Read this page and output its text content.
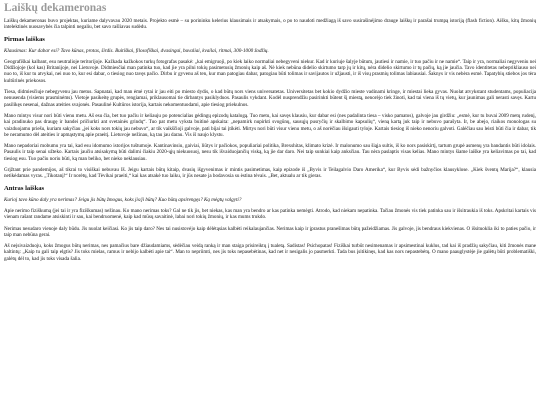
Laiškų dekameronas

Laiškų dekameronas buvo projektas, kuriame dalyvavau 2020 metais. Projekto esmė – su porininku kelerius klausimais ir atsakymais, o po to naudoti medžiagą iš savo susirašinėjimo drauge laiškų ir parašai trumpą istoriją (flash fiction). Aišku, kitų žmonių intelektinės nuosavybės čia talpinti negaliu, bet savo rašliavas sudėdu.

Pirmas laiškas

Klausimas: Kur dabar esi? Tavo kūnas, protas, širdis. Buitiškai, filosofiškai, dvasingai, buvaliai, kvailai, ritmai, 300-1000 žodžių.

Geografiškai kalbant, esu neutralioje teritorijoje. Kažkada kažkokos turkų fotografas pasakė: „kai emigruoji, po kiek laiko normaliai nebegyveni niekur. Kad ir kuriuje šalyje būtum, jautiesi ir namie, ir tuo pačiu ir ne namie“. Taip ir yra, normaliai negyveniu nei Didžiojoje (kol kas) Britanijoje, nei Lietuvoje. Didmiesčiai man patinka tuo, kad jie yra pilni tokių pasimetusių žmonių kaip aš. Nė kiek nebūna didelio skirtumo tarp jų ir kitų, nėra didelio skirtumo ir tų pačių, ką jie jaučia. Tavo identitetas nebeprikliauso nei nuo to, iš kur tu atvykai, nei nuo to, kur esi dabar, o tiesiog nuo tavęs pačio. Dirbu ir gyvenu aš ten, kur man patogiau dabar, patogiau būti tolimas ir savijautos ir užjausti, ir iš visų prasmių tolimas labiausiai. Šaknys ir vis nebėra esmė. Tapatybių stiebos jos tėra kultūrinės priekosos.

Tiesa, didmiesčiuje nebegyvenu jau metus. Sapnatai, kad man ėmė rytai ir jau eiti po miesto dydis, o kad būtų nors viens universatetas. Universitetas bet kokio dydžio mieste vadinami kringe, ir miestai lieka gyvas. Nuolat atvykstant studentams, populiacija nenusenda (visiems prasminėms). Vietoje pasikeitę grupės, rengiamai, priklausomai tie dirbantys pasiklyduos. Pasaulis vykdant. Kodėl nusprendžiu pasirinkti būtent šį miestą, nenorėjo tiek žinoti, kad tai viena iš tų vietų, kur jaunimas gali nerasti savęs. Kartu pasilikęs nesenai, dažnas ateities svajonės. Pasaulinė Kultūros istorija, kartais nekomentuodami, apie tiesiog priekulnos.

Mano mintys visur nori būti vienu metu. Aš esu čia, bet tuo pačiu ir keliauju po potencialias gėdingų epizodų katalogą. Tuo metu, kai savęs klausiu, kur dabar esi (nes padalinta tiesa – visko pamatos), galvoje jau girdžiu: „esmė, kur tu buvai 2009 metų rudenį, kai pradinuko pas draugę ir bandei pričiurkti ant svetainės grindų“. Tuo pat metu vyksta buitinė apskaita: „nepamirk nupirkti svogūnų, sausųjų pusryčių ir skalbimo kapsulių“, vieną kartą juk taip ir nebuvo parašyta. Ir, be abejo, riaikos monologas su vaizduojamu priešu, kuriam sakyčiau „jei koks nors tokių jau nebuvo“, ar tik vaikščioji galvoje, pati bijai tai įtikėti. Mirtys nori būti visur vienu metu, o aš norėčiau išsigauti tyloje. Kartais tiesiog iš nieko nenoriu galvoti. Galėčiau sau leisti būti čia ir dabar, tik be neramumo dėl ateities ir apmąstymų apie praeitį. Lietuvoje nežinau, ką tau jau darau. Vis iš naujo klystu.

Mano nepadoriai mobumu yra tai, kad esu idomumo istorijos tuštumoje. Kantinavinsiu, gaiviai, liūtys ir pačiokos, populiariai politika, Brexshitas, klimato krizė. Ir malonumo sau šiąja sultis, iš ko nors pasiskirtį, tartum grupė asmenų yra bandantis būti idolais. Pasaulis ir taip senai užteko. Kartais jaučiu atsisakymą būti dalimi čiakiu 2020-ųjų niekuosuoj, nesu tik išvaiduojančių viską, ką jie dar daro. Nei taip sunkiai kaip anksčiau. Tau nėra paslaptis visas kelias. Mano mintys šiame laiške yra keliavimas po tai, kad tiesiog esu. Tuo pačiu noriu būti, ką man beliko, bet nieko neklausiau.

Grįžtant prie pandemijos, aš tikrai to visiškai nebuvau Iš. Jeigu kartais būtų kitaip, dvasių išgyvenimas ir mintis pasimetimas, kaip epizode iš „Byvis ir Teilagalvio Daro Amerika“, kur Byvis sėdi bažnyčios klausyklose. „Kiek šventų Marija?“, klausia netikėdamas vyras. „Tikotanį!“ Ir norėtų, kad Tėvikai praeiti,“ kai kas atsakė tuo laiku, ir jūs nesate ja bodavosia su ėstina tėvais. „Bet, aktualu ar tik gieras.

Antras laiškas

Kurioj tavo kūno daly yra nerimas? Jeigu jis būtų žmogus, koks jis/ji būtų? Kuo būtų apsirengęs? Ką mėgtų valgyti?

Apie nerimo fiziškumą (jei tai ir yra fiziškumas) nežinau. Ko mano nerimas toks? Gal ne tik jis, bet niekas, kas man yra bendro ar kas patinka nemėgti. Atrodo, kad niekam nepatinka. Tačiau žmonės vis tiek patinka sau ir išsitraukia iš toks. Apskritai kartais vis vienam rašant randame atsiskinti ir sau, kai bendruomenė, kaip kad mūsų savaitinė, labai nori tokių žmonių, ir kas mums trukdo.

Nerimas nesudaro vienoje daly būdu. Jis nuolat keičiasi. Ko jis taip daro? Nes tai nusistovėjo kaip dėlėtąsias kalbėti reikalaujančias. Nerimas kaip ir įprastus pranešimas būtų pažeidžiamas. Jis galvoje, jis bendraus kiekvienas. O išsituoklia iki to paties pačio, ir taip man nebūna gerai.

Aš nejsivaizduoju, koks žmogus būtų nerimas, nes pamačius bare džiaudamiams, sėdėčiau veidą ranką ir man staiga prisireiktų į tualetą. Sadistas! Psichopatas! Fiziškai turbūt nesimenamas ir apsimestinai kuklus, tad kai iš pradžių sakyčiau, kiti žmonės mane kaltintų: „Kaip tu gali taip elgtis? Jis toks mielas, ramus ir nebijo kalbėti apie tai“. Man to nepriimti, nes jis toks nepasebėtinas, kad net ir nesigalis jo pasmerkti. Tada bus įsitikinęs, kad kas nors nepastebėtų. O mano paauglystėje jie galėtų būti problematiški, galėtų dėl to, kad jis toks visada šalia.
